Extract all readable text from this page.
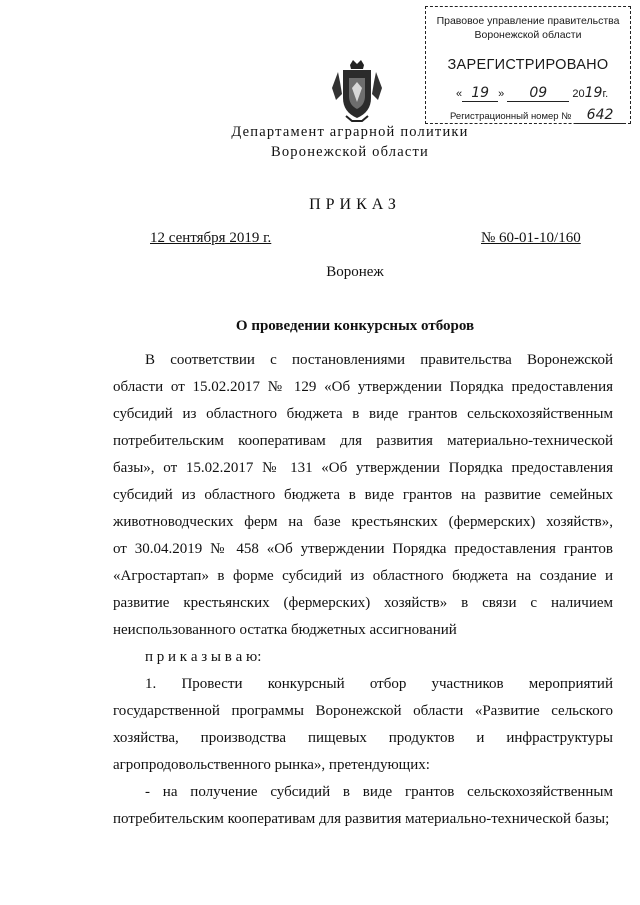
Правовое управление правительства
Воронежской области
ЗАРЕГИСТРИРОВАНО
« 19 » 09 2019г.
Регистрационный номер № 642
Департамент аграрной политики
Воронежской области
ПРИКАЗ
12 сентября 2019 г.	№ 60-01-10/160
Воронеж
О проведении конкурсных отборов
В соответствии с постановлениями правительства Воронежской
области от 15.02.2017 № 129 «Об утверждении Порядка предоставления
субсидий из областного бюджета в виде грантов сельскохозяйственным
потребительским кооперативам для развития материально-технической
базы», от 15.02.2017 № 131 «Об утверждении Порядка предоставления
субсидий из областного бюджета в виде грантов на развитие семейных
животноводческих ферм на базе крестьянских (фермерских) хозяйств»,
от 30.04.2019 № 458 «Об утверждении Порядка предоставления грантов
«Агростартап» в форме субсидий из областного бюджета на создание и
развитие крестьянских (фермерских) хозяйств» в связи с наличием
неиспользованного остатка бюджетных ассигнований
п р и к а з ы в а ю:
1. Провести конкурсный отбор участников мероприятий
государственной программы Воронежской области «Развитие сельского
хозяйства, производства пищевых продуктов и инфраструктуры
агропродовольственного рынка», претендующих:
- на получение субсидий в виде грантов сельскохозяйственным
потребительским кооперативам для развития материально-технической базы;
